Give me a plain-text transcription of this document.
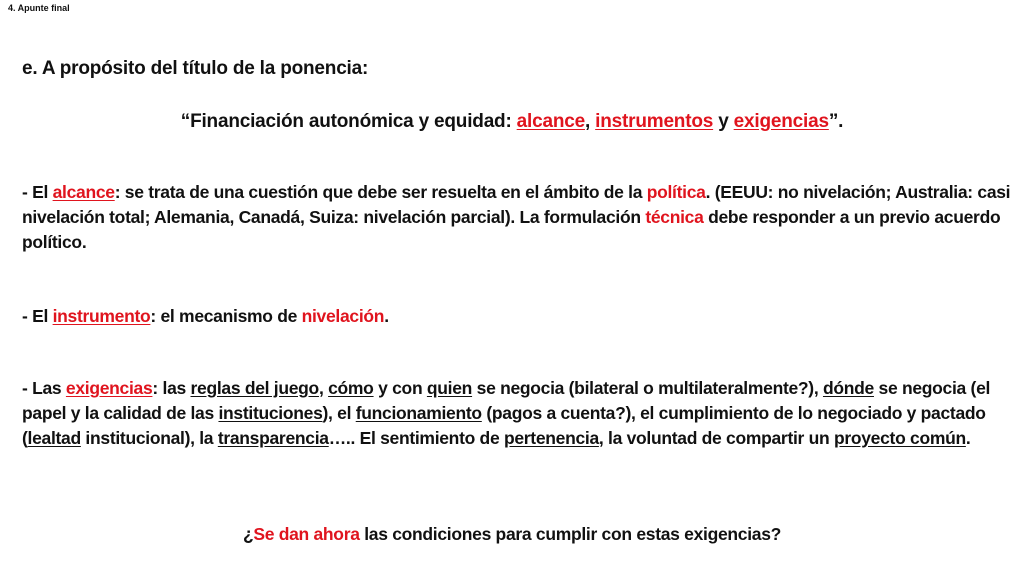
4. Apunte final
e. A propósito del título de la ponencia:
“Financiación autonómica y equidad: alcance, instrumentos y exigencias”.
- El alcance: se trata de una cuestión que debe ser resuelta en el ámbito de la política. (EEUU: no nivelación; Australia: casi nivelación total; Alemania, Canadá, Suiza: nivelación parcial). La formulación técnica debe responder a un previo acuerdo político.
- El instrumento: el mecanismo de nivelación.
- Las exigencias: las reglas del juego, cómo y con quien se negocia (bilateral o multilateralmente?), dónde se negocia (el papel y la calidad de las instituciones), el funcionamiento (pagos a cuenta?), el cumplimiento de lo negociado y pactado (lealtad institucional), la transparencia….. El sentimiento de pertenencia, la voluntad de compartir un proyecto común.
¿Se dan ahora las condiciones para cumplir con estas exigencias?
